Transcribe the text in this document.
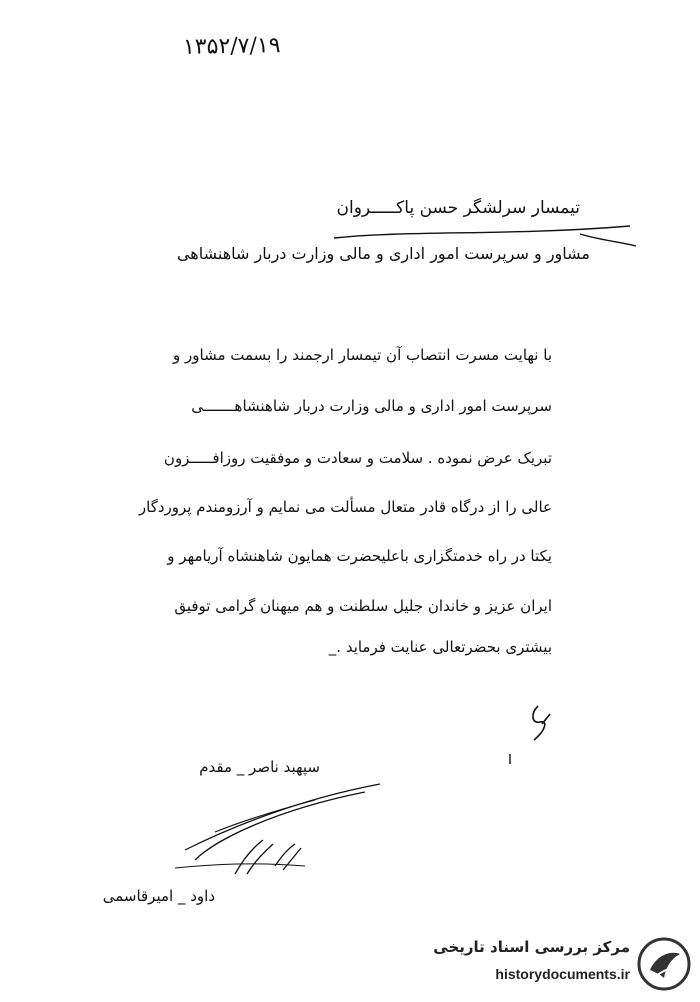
۱۳۵۲/۷/۱۹
تیمسار سرلشگر حسن پاکـــــروان
مشاور و سرپرست امور اداری و مالی وزارت دربار شاهنشاهی
با نهایت مسرت انتصاب آن تیمسار ارجمند را بسمت مشاور و
سرپرست امور اداری و مالی وزارت دربار شاهنشاهـــــــی
تبریک عرض نموده . سلامت و سعادت و موفقیت روزافـــــزون
عالی را از درگاه قادر متعال مسألت می نمایم و آرزومندم پروردگار
یکتا در راه خدمتگزاری باعلیحضرت همایون شاهنشاه آریامهر و
ایران عزیز و خاندان جلیل سلطنت و هم میهنان گرامی توفیق
بیشتری بحضرتعالی عنایت فرماید ._
سپهبد ناصر _ مقدم
داود _ امیرقاسمی
مرکز بررسی اسناد تاریخی
historydocuments.ir
